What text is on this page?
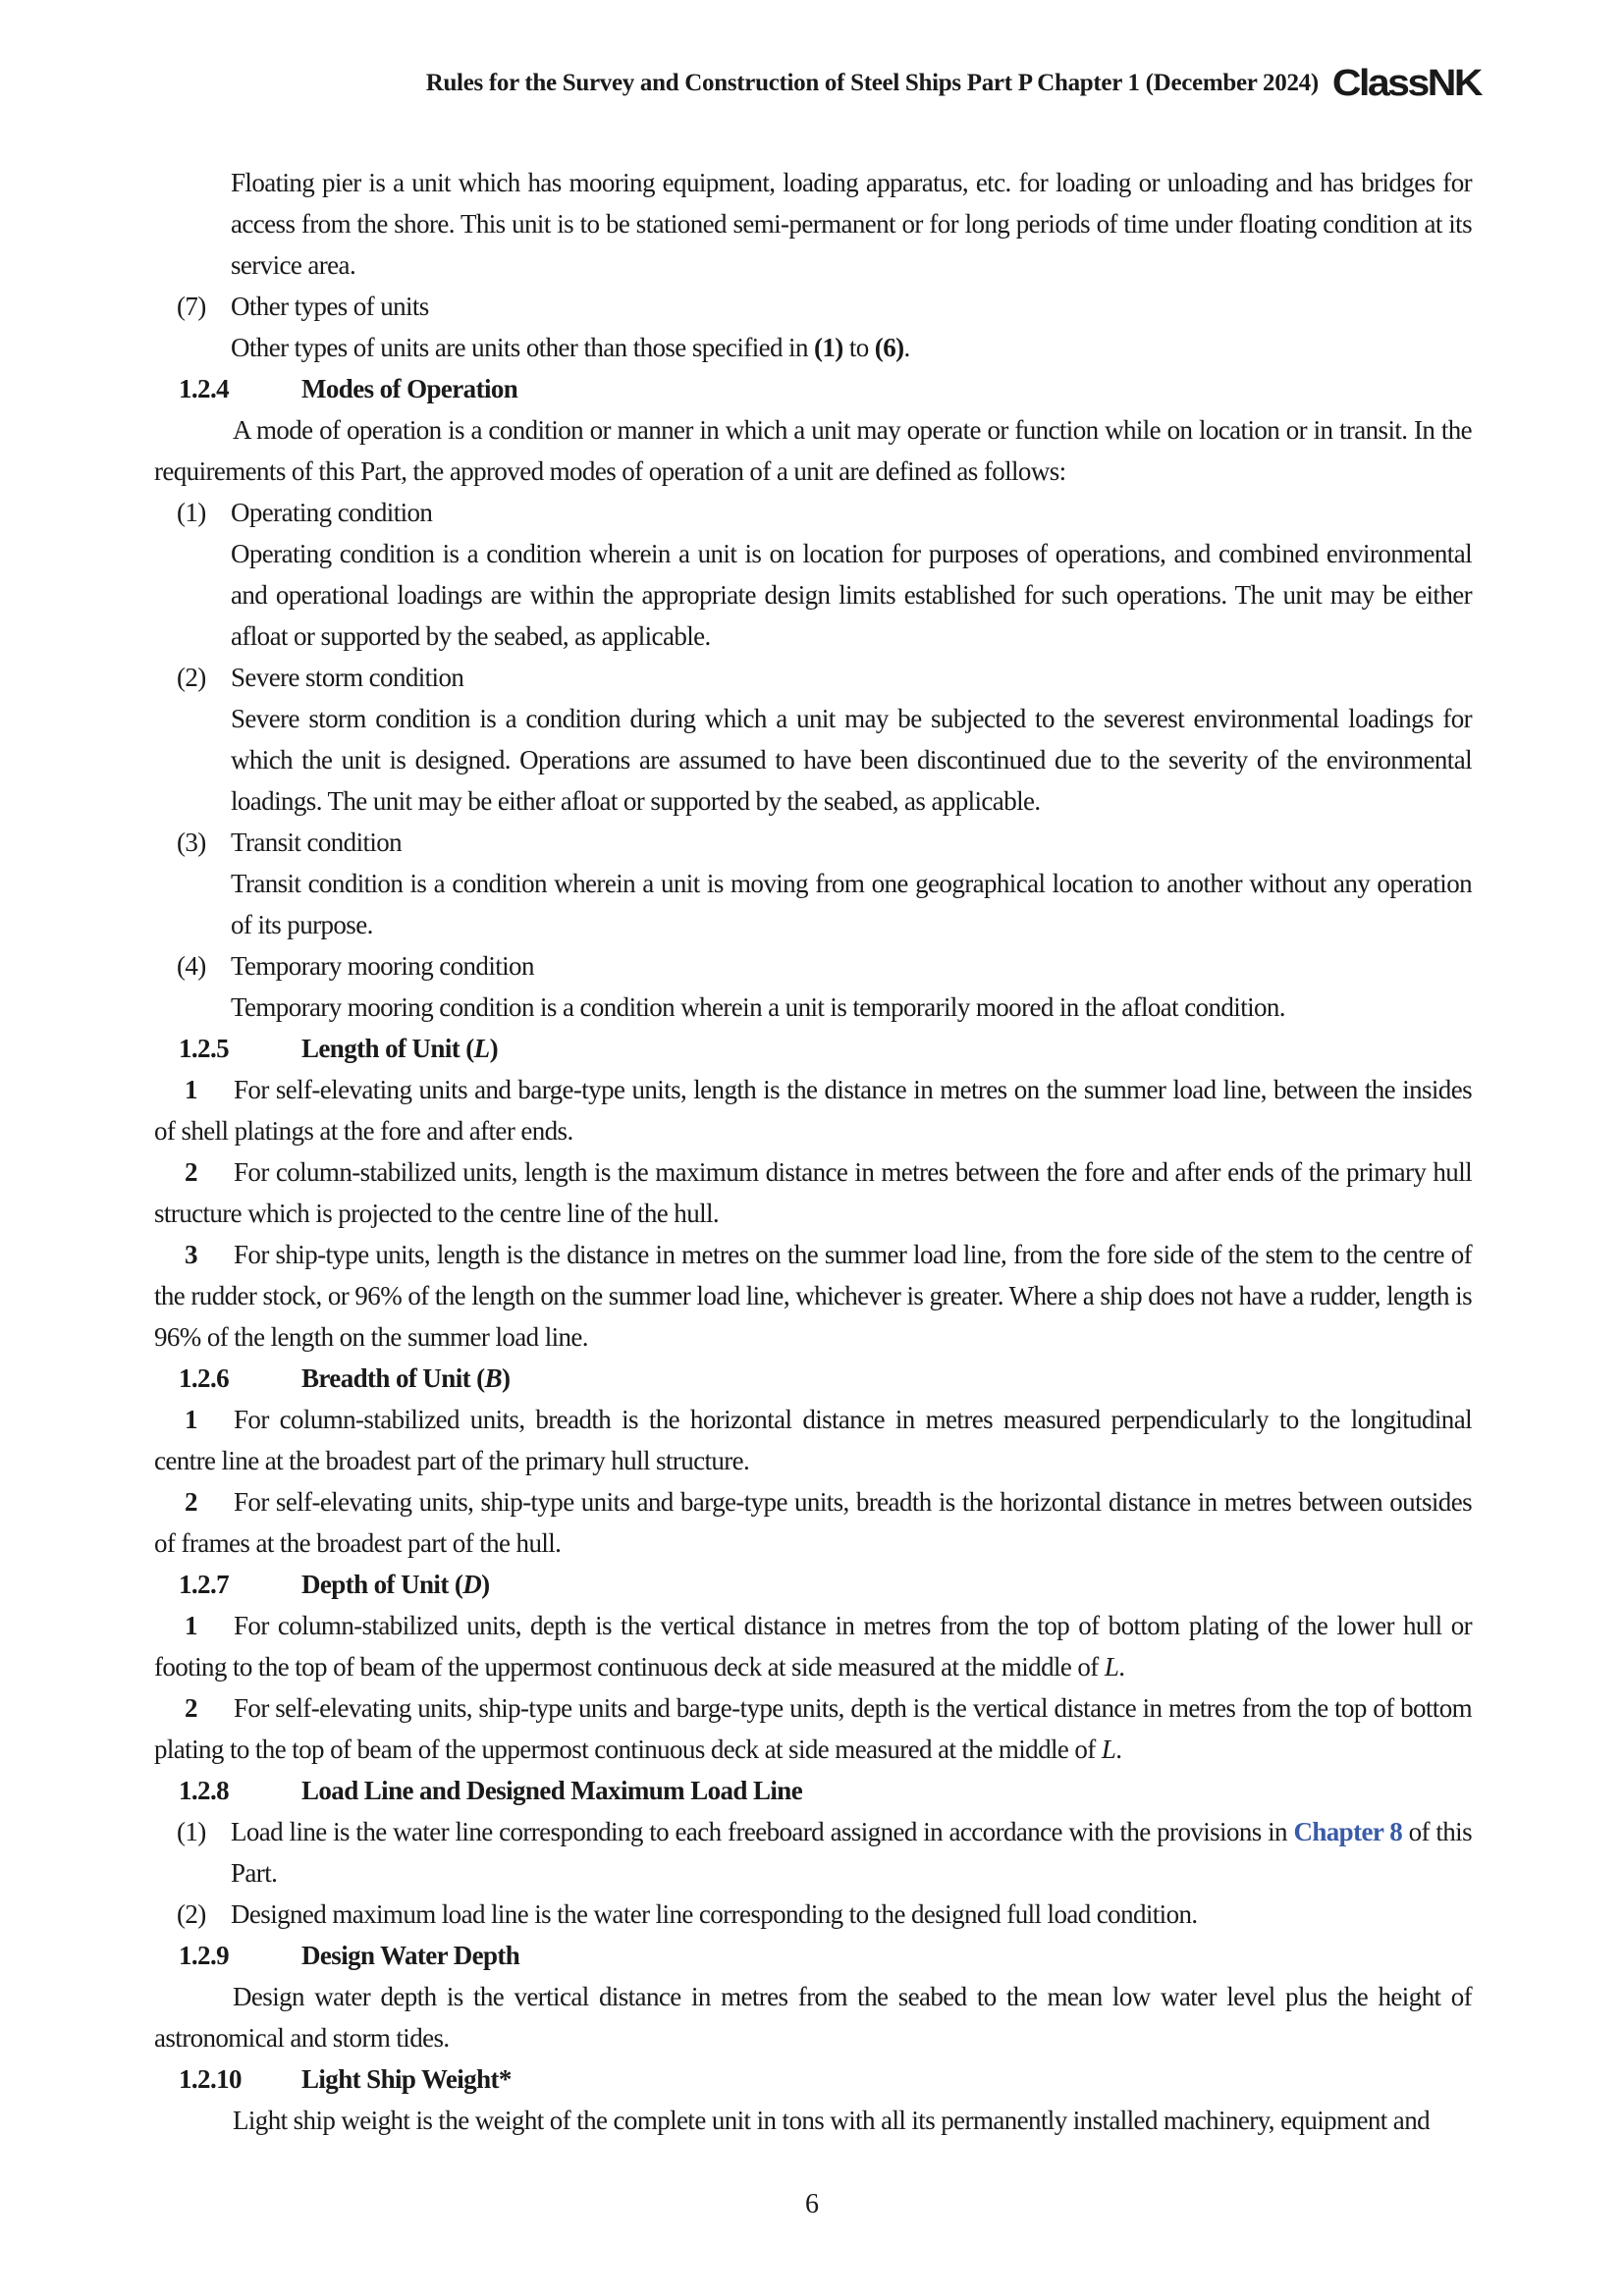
Rules for the Survey and Construction of Steel Ships Part P Chapter 1 (December 2024) ClassNK

Floating pier is a unit which has mooring equipment, loading apparatus, etc. for loading or unloading and has bridges for access from the shore. This unit is to be stationed semi-permanent or for long periods of time under floating condition at its service area.

(7) Other types of units

Other types of units are units other than those specified in (1) to (6).

1.2.4	Modes of Operation

A mode of operation is a condition or manner in which a unit may operate or function while on location or in transit. In the requirements of this Part, the approved modes of operation of a unit are defined as follows:

(1) Operating condition

Operating condition is a condition wherein a unit is on location for purposes of operations, and combined environmental and operational loadings are within the appropriate design limits established for such operations. The unit may be either afloat or supported by the seabed, as applicable.

(2) Severe storm condition

Severe storm condition is a condition during which a unit may be subjected to the severest environmental loadings for which the unit is designed. Operations are assumed to have been discontinued due to the severity of the environmental loadings. The unit may be either afloat or supported by the seabed, as applicable.

(3) Transit condition

Transit condition is a condition wherein a unit is moving from one geographical location to another without any operation of its purpose.

(4) Temporary mooring condition

Temporary mooring condition is a condition wherein a unit is temporarily moored in the afloat condition.

1.2.5	Length of Unit (L)

1 For self-elevating units and barge-type units, length is the distance in metres on the summer load line, between the insides of shell platings at the fore and after ends.

2 For column-stabilized units, length is the maximum distance in metres between the fore and after ends of the primary hull structure which is projected to the centre line of the hull.

3 For ship-type units, length is the distance in metres on the summer load line, from the fore side of the stem to the centre of the rudder stock, or 96% of the length on the summer load line, whichever is greater. Where a ship does not have a rudder, length is 96% of the length on the summer load line.

1.2.6	Breadth of Unit (B)

1 For column-stabilized units, breadth is the horizontal distance in metres measured perpendicularly to the longitudinal centre line at the broadest part of the primary hull structure.

2 For self-elevating units, ship-type units and barge-type units, breadth is the horizontal distance in metres between outsides of frames at the broadest part of the hull.

1.2.7	Depth of Unit (D)

1 For column-stabilized units, depth is the vertical distance in metres from the top of bottom plating of the lower hull or footing to the top of beam of the uppermost continuous deck at side measured at the middle of L.

2 For self-elevating units, ship-type units and barge-type units, depth is the vertical distance in metres from the top of bottom plating to the top of beam of the uppermost continuous deck at side measured at the middle of L.

1.2.8	Load Line and Designed Maximum Load Line
(1) Load line is the water line corresponding to each freeboard assigned in accordance with the provisions in Chapter 8 of this Part.
(2) Designed maximum load line is the water line corresponding to the designed full load condition.
1.2.9	Design Water Depth

Design water depth is the vertical distance in metres from the seabed to the mean low water level plus the height of astronomical and storm tides.

1.2.10 Light Ship Weight*

Light ship weight is the weight of the complete unit in tons with all its permanently installed machinery, equipment and

6
